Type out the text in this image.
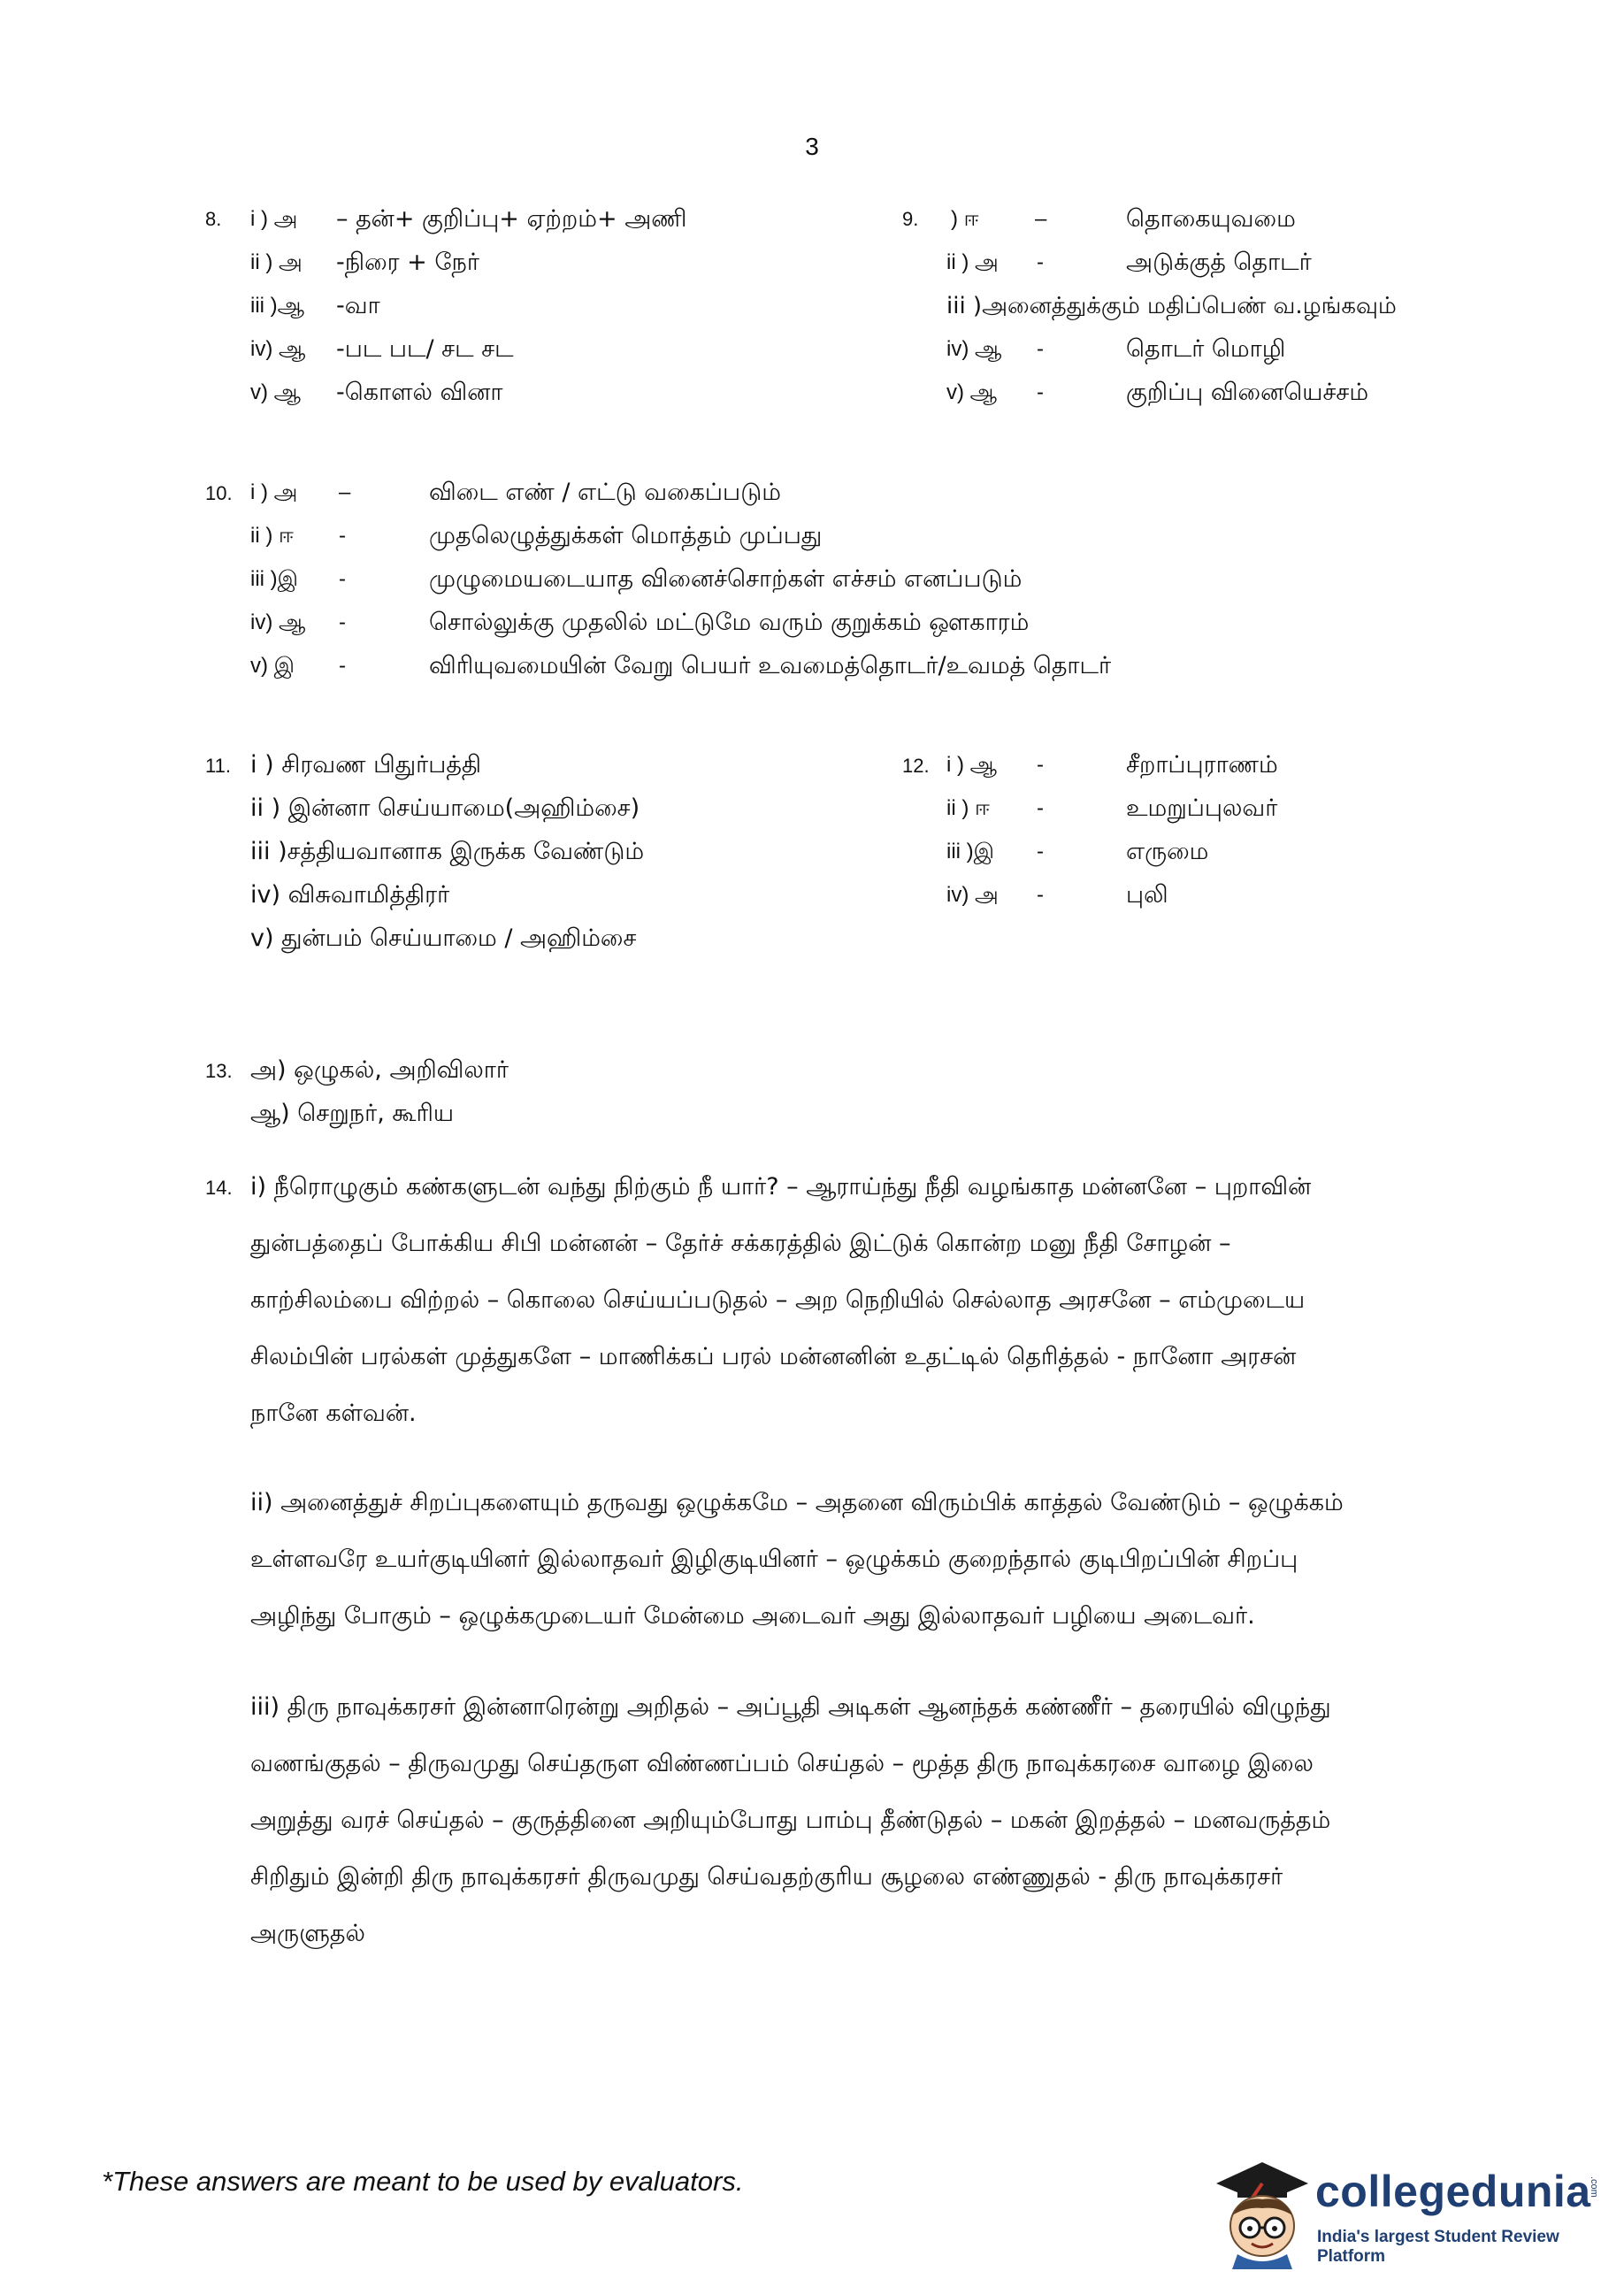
3
8. i ) அ – தன்+ குறிப்பு+ ஏற்றம்+ அணி
ii ) அ -நிரை + நேர்
iii )ஆ -வா
iv) ஆ -பட பட/ சட சட
v) ஆ -கொளல் வினா
9. ) ஈ	–	தொகையுவமை
ii ) அ -	அடுக்குத் தொடர்
iii )அனைத்துக்கும் மதிப்பெண் வ.ழங்கவும்
iv) ஆ -	தொடர் மொழி
v) ஆ -	குறிப்பு வினையெச்சம்
10. i ) அ –	விடை எண் / எட்டு வகைப்படும்
ii ) ஈ -	முதலெழுத்துக்கள் மொத்தம் முப்பது
iii )இ -	முழுமையடையாத வினைச்சொற்கள் எச்சம் எனப்படும்
iv) ஆ -	சொல்லுக்கு முதலில் மட்டுமே வரும் குறுக்கம் ஔகாரம்
v) இ -	விரியுவமையின் வேறு பெயர் உவமைத்தொடர்/உவமத் தொடர்
11. i ) சிரவண பிதுர்பத்தி
ii ) இன்னா செய்யாமை(அஹிம்சை)
iii )சத்தியவானாக இருக்க வேண்டும்
iv) விசுவாமித்திரர்
v) துன்பம் செய்யாமை / அஹிம்சை
12. i ) ஆ -	சீறாப்புராணம்
ii ) ஈ -	உமறுப்புலவர்
iii )இ -	எருமை
iv) அ -	புலி
13. அ) ஒழுகல், அறிவிலார்
ஆ) செறுநர், கூரிய
14. i) நீரொழுகும் கண்களுடன் வந்து நிற்கும் நீ யார்? – ஆராய்ந்து நீதி வழங்காத மன்னனே – புறாவின்
துன்பத்தைப் போக்கிய சிபி மன்னன் – தேர்ச் சக்கரத்தில் இட்டுக் கொன்ற மனு நீதி சோழன் –
காற்சிலம்பை விற்றல் – கொலை செய்யப்படுதல் – அற நெறியில் செல்லாத அரசனே – எம்முடைய
சிலம்பின் பரல்கள் முத்துகளே – மாணிக்கப் பரல் மன்னனின் உதட்டில் தெரித்தல் - நானோ அரசன்
நானே கள்வன்.
ii) அனைத்துச் சிறப்புகளையும் தருவது ஒழுக்கமே – அதனை விரும்பிக் காத்தல் வேண்டும் – ஒழுக்கம்
உள்ளவரே உயர்குடியினர் இல்லாதவர் இழிகுடியினர் – ஒழுக்கம் குறைந்தால் குடிபிறப்பின் சிறப்பு
அழிந்து போகும் – ஒழுக்கமுடையர் மேன்மை அடைவர் அது இல்லாதவர் பழியை அடைவர்.
iii) திரு நாவுக்கரசர் இன்னாரென்று அறிதல் – அப்பூதி அடிகள் ஆனந்தக் கண்ணீர் – தரையில் விழுந்து
வணங்குதல் – திருவமுது செய்தருள விண்ணப்பம் செய்தல் – மூத்த திரு நாவுக்கரசை வாழை இலை
அறுத்து வரச் செய்தல் – குருத்தினை அறியும்போது பாம்பு தீண்டுதல் – மகன் இறத்தல் – மனவருத்தம்
சிறிதும் இன்றி திரு நாவுக்கரசர் திருவமுது செய்வதற்குரிய சூழலை எண்ணுதல் - திரு நாவுக்கரசர்
அருளுதல்
*These answers are meant to be used by evaluators.	collegedunia
.com
India's largest Student Review Platform
